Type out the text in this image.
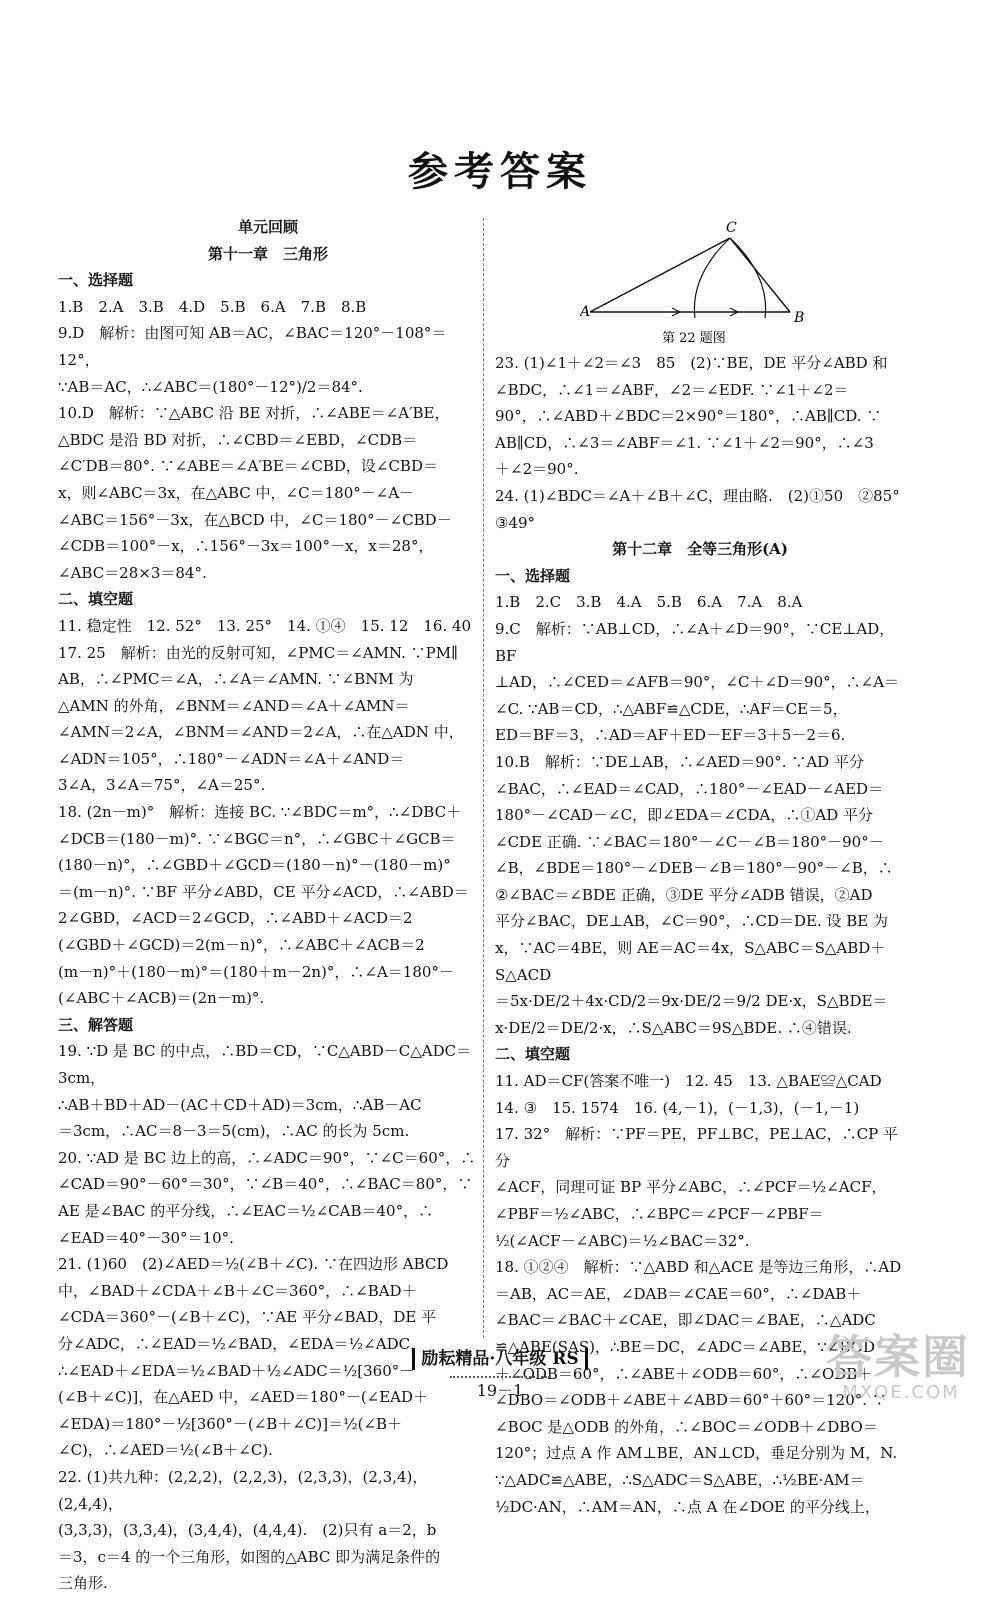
参考答案
单元回顾
第十一章　三角形
一、选择题
1.B　2.A　3.B　4.D　5.B　6.A　7.B　8.B
9.D　解析：由图可知 AB＝AC，∠BAC＝120°－108°＝12°，
∵AB＝AC，∴∠ABC＝(180°－12°)/2＝84°.
10.D　解析：∵△ABC 沿 BE 对折，∴∠ABE＝∠A′BE，
△BDC 是沿 BD 对折，∴∠CBD＝∠EBD，∠CDB＝
∠C′DB＝80°. ∵∠ABE＝∠A′BE＝∠CBD，设∠CBD＝
x，则∠ABC＝3x，在△ABC 中，∠C＝180°－∠A－
∠ABC＝156°－3x，在△BCD 中，∠C＝180°－∠CBD－
∠CDB＝100°－x，∴156°－3x＝100°－x，x＝28°，
∠ABC＝28×3＝84°.
二、填空题
11. 稳定性　12. 52°　13. 25°　14. ①④　15. 12　16. 40
17. 25　解析：由光的反射可知，∠PMC＝∠AMN. ∵PM∥
AB，∴∠PMC＝∠A，∴∠A＝∠AMN. ∵∠BNM 为
△AMN 的外角，∠BNM＝∠AND＝∠A＋∠AMN＝
∠AMN＝2∠A，∠BNM＝∠AND＝2∠A，∴在△ADN 中，
∠ADN＝105°，∴180°－∠ADN＝∠A＋∠AND＝
3∠A，3∠A＝75°，∠A＝25°.
18. (2n－m)°　解析：连接 BC. ∵∠BDC＝m°，∴∠DBC＋
∠DCB＝(180－m)°. ∵∠BGC＝n°，∴∠GBC＋∠GCB＝
(180－n)°，∴∠GBD＋∠GCD＝(180－n)°－(180－m)°
＝(m－n)°. ∵BF 平分∠ABD，CE 平分∠ACD，∴∠ABD＝
2∠GBD，∠ACD＝2∠GCD，∴∠ABD＋∠ACD＝2
(∠GBD＋∠GCD)＝2(m－n)°，∴∠ABC＋∠ACB＝2
(m－n)°＋(180－m)°＝(180＋m－2n)°，∴∠A＝180°－
(∠ABC＋∠ACB)＝(2n－m)°.
三、解答题
19. ∵D 是 BC 的中点，∴BD＝CD，∵C△ABD－C△ADC＝3cm，
∴AB＋BD＋AD－(AC＋CD＋AD)＝3cm，∴AB－AC
＝3cm，∴AC＝8－3＝5(cm)，∴AC 的长为 5cm.
20. ∵AD 是 BC 边上的高，∴∠ADC＝90°，∵∠C＝60°，∴
∠CAD＝90°－60°＝30°，∵∠B＝40°，∴∠BAC＝80°，∵
AE 是∠BAC 的平分线，∴∠EAC＝½∠CAB＝40°，∴
∠EAD＝40°－30°＝10°.
21. (1)60　(2)∠AED＝½(∠B＋∠C). ∵在四边形 ABCD
中，∠BAD＋∠CDA＋∠B＋∠C＝360°，∴∠BAD＋
∠CDA＝360°－(∠B＋∠C)，∵AE 平分∠BAD，DE 平
分∠ADC，∴∠EAD＝½∠BAD，∠EDA＝½∠ADC，
∴∠EAD＋∠EDA＝½∠BAD＋½∠ADC＝½[360°－
(∠B＋∠C)]，在△AED 中，∠AED＝180°－(∠EAD＋
∠EDA)＝180°－½[360°－(∠B＋∠C)]＝½(∠B＋
∠C)，∴∠AED＝½(∠B＋∠C).
22. (1)共九种：(2,2,2)，(2,2,3)，(2,3,3)，(2,3,4)，(2,4,4)，
(3,3,3)，(3,3,4)，(3,4,4)，(4,4,4).　(2)只有 a＝2，b
＝3，c＝4 的一个三角形，如图的△ABC 即为满足条件的
三角形.
C
A	B
第 22 题图
23. (1)∠1＋∠2＝∠3　85　(2)∵BE，DE 平分∠ABD 和
∠BDC，∴∠1＝∠ABF，∠2＝∠EDF. ∵∠1＋∠2＝
90°，∴∠ABD＋∠BDC＝2×90°＝180°，∴AB∥CD. ∵
AB∥CD，∴∠3＝∠ABF＝∠1. ∵∠1＋∠2＝90°，∴∠3
＋∠2＝90°.
24. (1)∠BDC＝∠A＋∠B＋∠C，理由略.　(2)①50　②85°
③49°
第十二章　全等三角形(A)
一、选择题
1.B　2.C　3.B　4.A　5.B　6.A　7.A　8.A
9.C　解析：∵AB⊥CD，∴∠A＋∠D＝90°，∵CE⊥AD，BF
⊥AD，∴∠CED＝∠AFB＝90°，∠C＋∠D＝90°，∴∠A＝
∠C. ∵AB＝CD，∴△ABF≌△CDE，∴AF＝CE＝5，
ED＝BF＝3，∴AD＝AF＋ED－EF＝3＋5－2＝6.
10.B　解析：∵DE⊥AB，∴∠AED＝90°. ∵AD 平分
∠BAC，∴∠EAD＝∠CAD，∴180°－∠EAD－∠AED＝
180°－∠CAD－∠C，即∠EDA＝∠CDA，∴①AD 平分
∠CDE 正确. ∵∠BAC＝180°－∠C－∠B＝180°－90°－
∠B，∠BDE＝180°－∠DEB－∠B＝180°－90°－∠B，∴
②∠BAC＝∠BDE 正确，③DE 平分∠ADB 错误，②AD
平分∠BAC，DE⊥AB，∠C＝90°，∴CD＝DE. 设 BE 为
x，∵AC＝4BE，则 AE＝AC＝4x，S△ABC＝S△ABD＋S△ACD
＝5x·DE/2＋4x·CD/2＝9x·DE/2＝9/2 DE·x，S△BDE＝
x·DE/2＝DE/2·x，∴S△ABC＝9S△BDE. ∴④错误.
二、填空题
11. AD＝CF(答案不唯一)　12. 45　13. △BAE≌△CAD
14. ③　15. 1574　16. (4,－1)，(－1,3)，(－1,－1)
17. 32°　解析：∵PF＝PE，PF⊥BC，PE⊥AC，∴CP 平分
∠ACF，同理可证 BP 平分∠ABC，∴∠PCF＝½∠ACF，
∠PBF＝½∠ABC，∴∠BPC＝∠PCF－∠PBF＝
½(∠ACF－∠ABC)＝½∠BAC＝32°.
18. ①②④　解析：∵△ABD 和△ACE 是等边三角形，∴AD
＝AB，AC＝AE，∠DAB＝∠CAE＝60°，∴∠DAB＋
∠BAC＝∠BAC＋∠CAE，即∠DAC＝∠BAE，∴△ADC
≌△ABE(SAS)，∴BE＝DC，∠ADC＝∠ABE，∵∠BOD
＋∠ODB＝60°，∴∠ABE＋∠ODB＝60°，∴∠ODB＋
∠DBO＝∠ODB＋∠ABE＋∠ABD＝60°＋60°＝120°. ∵
∠BOC 是△ODB 的外角，∴∠BOC＝∠ODB＋∠DBO＝
120°；过点 A 作 AM⊥BE，AN⊥CD，垂足分别为 M，N.
∵△ADC≌△ABE，∴S△ADC＝S△ABE，∴½BE·AM＝
½DC·AN，∴AM＝AN，∴点 A 在∠DOE 的平分线上，
励耘精品·八年级 RS
19－1
答案圈
MXQE.COM
